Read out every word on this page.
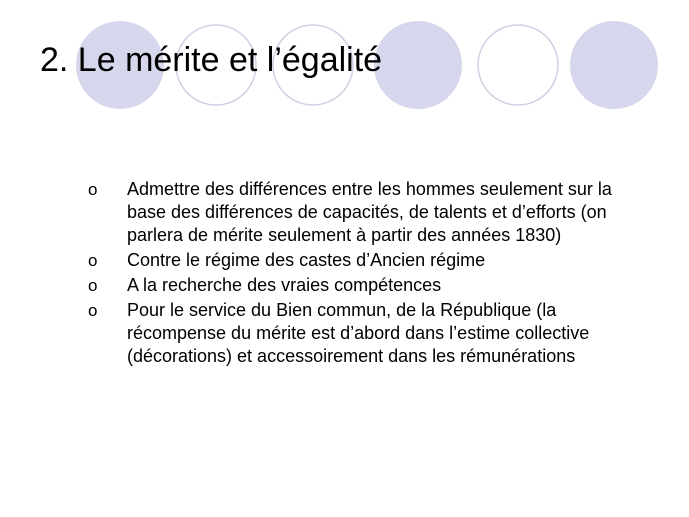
2. Le mérite et l’égalité
o	Admettre des différences entre les hommes seulement sur la base des différences de capacités, de talents et d’efforts (on parlera de mérite seulement à partir des années 1830)
o	Contre le régime des castes d’Ancien régime
o	A la recherche des vraies compétences
o	Pour le service du Bien commun, de la République (la récompense du mérite est d’abord dans l’estime collective (décorations) et accessoirement dans les rémunérations
